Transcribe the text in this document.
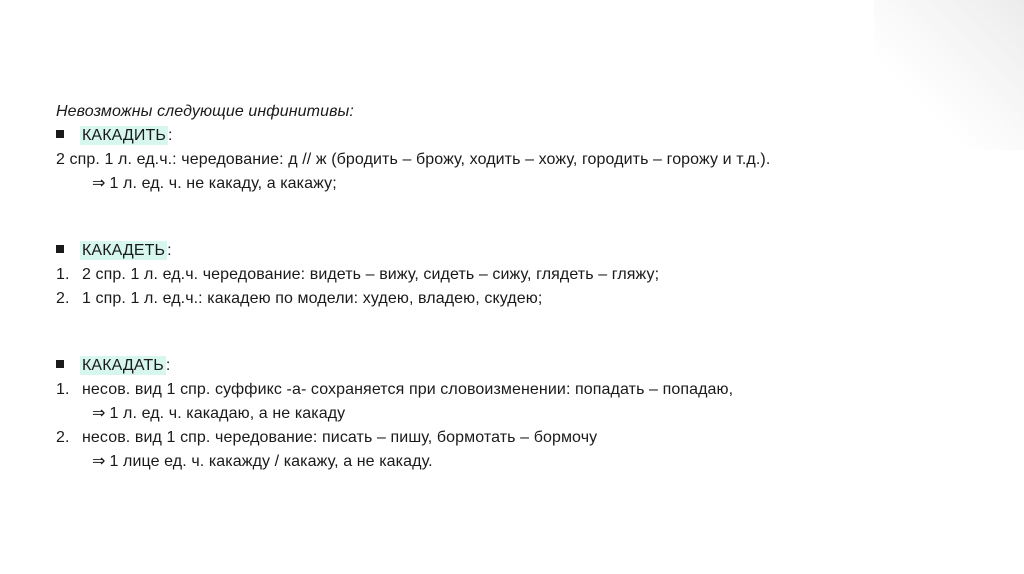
Невозможны следующие инфинитивы:
КАКАДИТЬ :
2 спр. 1 л. ед.ч.: чередование: д // ж (бродить – брожу, ходить – хожу, городить – горожу и т.д.).
⇒ 1 л. ед. ч. не какаду, а какажу;
КАКАДЕТЬ :
1. 2 спр. 1 л. ед.ч. чередование: видеть – вижу, сидеть – сижу, глядеть – гляжу;
2. 1 спр. 1 л. ед.ч.: какадею по модели: худею, владею, скудею;
КАКАДАТЬ :
1. несов. вид 1 спр. суффикс -а- сохраняется при словоизменении: попадать – попадаю,
⇒ 1 л. ед. ч. какадаю, а не какаду
2. несов. вид 1 спр. чередование: писать – пишу, бормотать – бормочу
⇒ 1 лице ед. ч. какажду / какажу, а не какаду.
